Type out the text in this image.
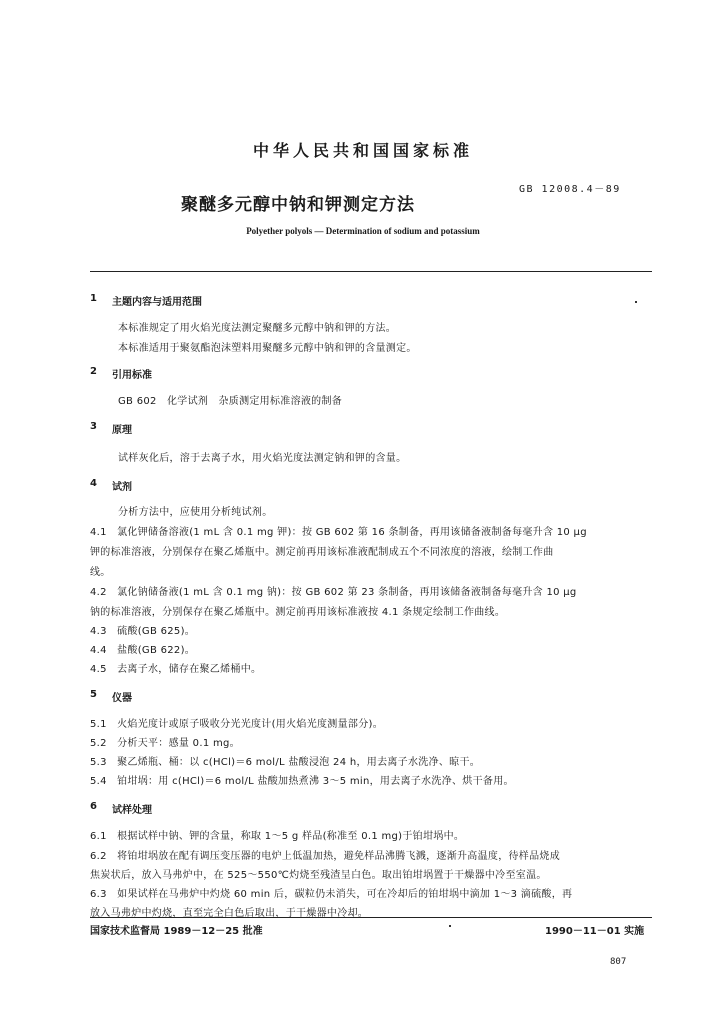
中华人民共和国国家标准
聚醚多元醇中钠和钾测定方法
GB 12008.4－89
Polyether polyols — Determination of sodium and potassium
1 主题内容与适用范围
本标准规定了用火焰光度法测定聚醚多元醇中钠和钾的方法。
本标准适用于聚氨酯泡沫塑料用聚醚多元醇中钠和钾的含量测定。
2 引用标准
GB 602　化学试剂　杂质测定用标准溶液的制备
3 原理
试样灰化后，溶于去离子水，用火焰光度法测定钠和钾的含量。
4 试剂
分析方法中，应使用分析纯试剂。
4.1　氯化钾储备溶液(1 mL 含 0.1 mg 钾)：按 GB 602 第 16 条制备，再用该储备液制备每毫升含 10 μg
钾的标准溶液，分别保存在聚乙烯瓶中。测定前再用该标准液配制成五个不同浓度的溶液，绘制工作曲
线。
4.2　氯化钠储备液(1 mL 含 0.1 mg 钠)：按 GB 602 第 23 条制备，再用该储备液制备每毫升含 10 μg
钠的标准溶液，分别保存在聚乙烯瓶中。测定前再用该标准液按 4.1 条规定绘制工作曲线。
4.3　硫酸(GB 625)。
4.4　盐酸(GB 622)。
4.5　去离子水，储存在聚乙烯桶中。
5 仪器
5.1　火焰光度计或原子吸收分光光度计(用火焰光度测量部分)。
5.2　分析天平：感量 0.1 mg。
5.3　聚乙烯瓶、桶：以 c(HCl)＝6 mol/L 盐酸浸泡 24 h，用去离子水洗净、晾干。
5.4　铂坩埚：用 c(HCl)＝6 mol/L 盐酸加热煮沸 3～5 min，用去离子水洗净、烘干备用。
6 试样处理
6.1　根据试样中钠、钾的含量，称取 1～5 g 样品(称准至 0.1 mg)于铂坩埚中。
6.2　将铂坩埚放在配有调压变压器的电炉上低温加热，避免样品沸腾飞溅，逐渐升高温度，待样品烧成
焦炭状后，放入马弗炉中，在 525～550℃灼烧至残渣呈白色。取出铂坩埚置于干燥器中冷至室温。
6.3　如果试样在马弗炉中灼烧 60 min 后，碳粒仍未消失，可在冷却后的铂坩埚中滴加 1～3 滴硫酸，再
放入马弗炉中灼烧，直至完全白色后取出，于干燥器中冷却。
国家技术监督局 1989－12－25 批准	1990－11－01 实施
807
